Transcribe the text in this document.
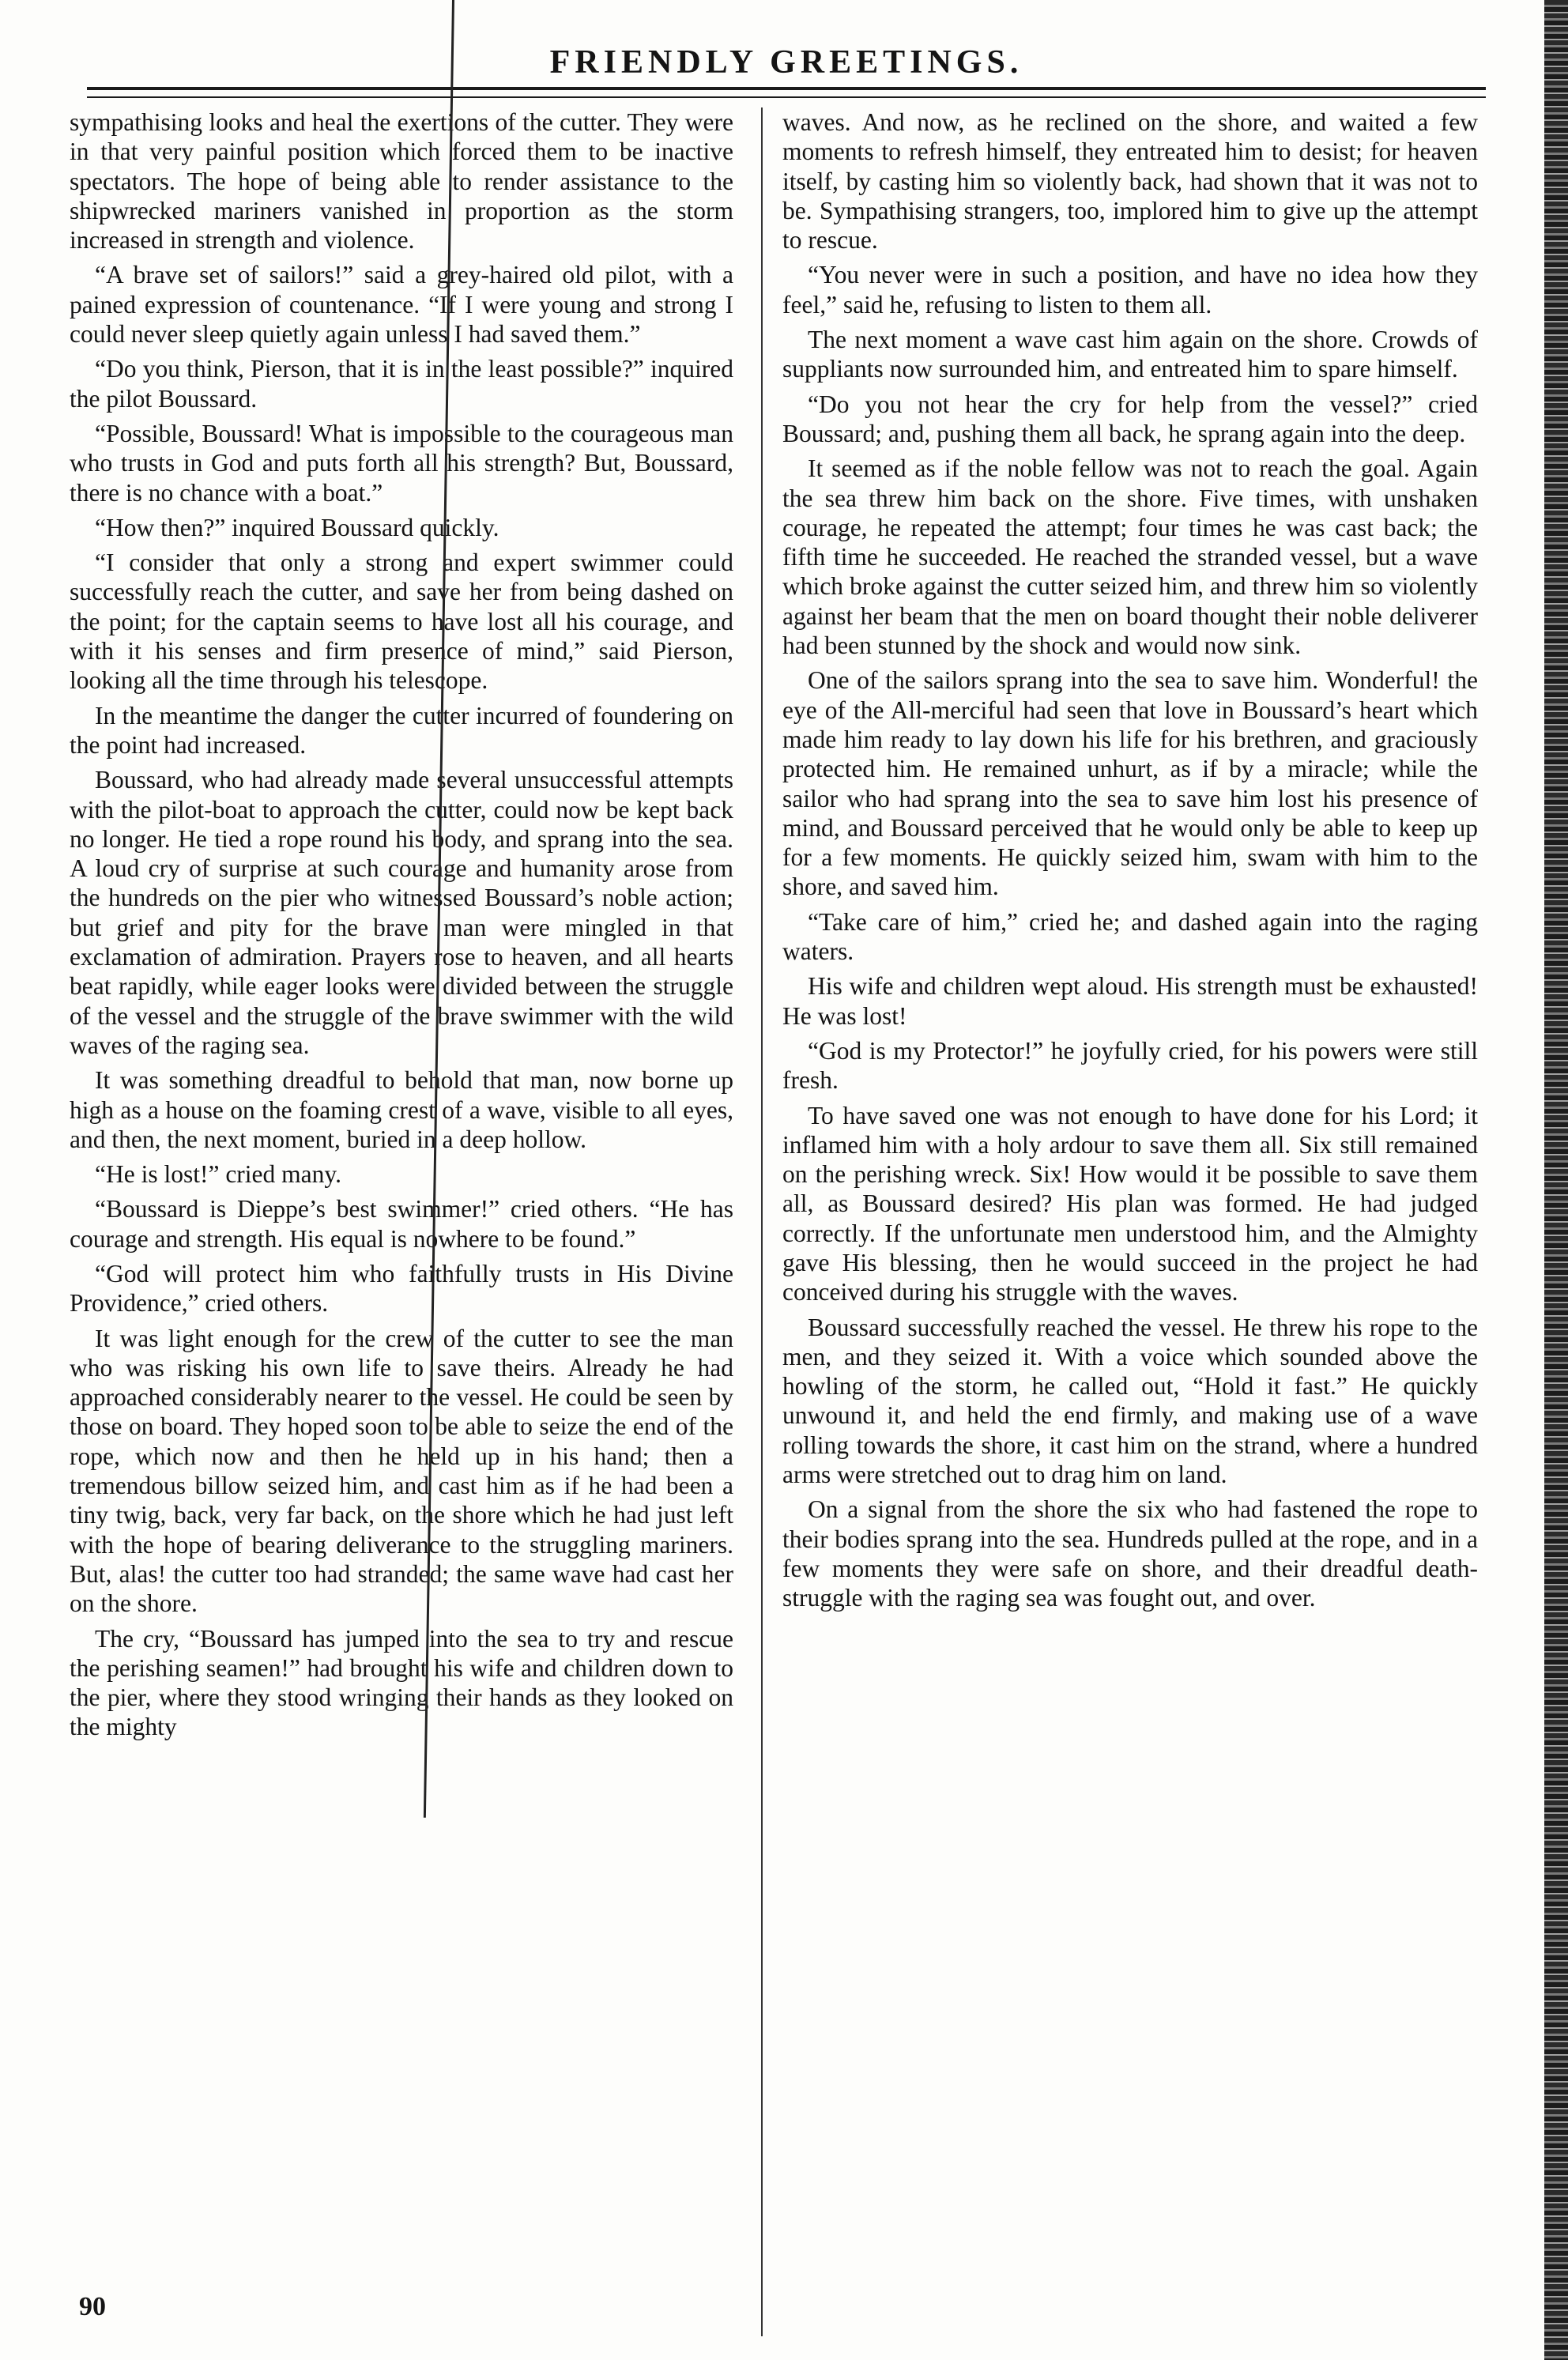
FRIENDLY GREETINGS.

sympathising looks and heal the exertions of the cutter. They were in that very painful position which forced them to be inactive spectators. The hope of being able to render assistance to the shipwrecked mariners vanished in proportion as the storm increased in strength and violence.

“A brave set of sailors!” said a grey-haired old pilot, with a pained expression of countenance. “If I were young and strong I could never sleep quietly again unless I had saved them.”

“Do you think, Pierson, that it is in the least possible?” inquired the pilot Boussard.

“Possible, Boussard! What is impossible to the courageous man who trusts in God and puts forth all his strength? But, Boussard, there is no chance with a boat.”

“How then?” inquired Boussard quickly.

“I consider that only a strong and expert swimmer could successfully reach the cutter, and save her from being dashed on the point; for the captain seems to have lost all his courage, and with it his senses and firm presence of mind,” said Pierson, looking all the time through his telescope.

In the meantime the danger the cutter incurred of foundering on the point had increased.

Boussard, who had already made several unsuccessful attempts with the pilot-boat to approach the cutter, could now be kept back no longer. He tied a rope round his body, and sprang into the sea. A loud cry of surprise at such courage and humanity arose from the hundreds on the pier who witnessed Boussard’s noble action; but grief and pity for the brave man were mingled in that exclamation of admiration. Prayers rose to heaven, and all hearts beat rapidly, while eager looks were divided between the struggle of the vessel and the struggle of the brave swimmer with the wild waves of the raging sea.

It was something dreadful to behold that man, now borne up high as a house on the foaming crest of a wave, visible to all eyes, and then, the next moment, buried in a deep hollow.

“He is lost!” cried many.

“Boussard is Dieppe’s best swimmer!” cried others. “He has courage and strength. His equal is nowhere to be found.”

“God will protect him who faithfully trusts in His Divine Providence,” cried others.

It was light enough for the crew of the cutter to see the man who was risking his own life to save theirs. Already he had approached considerably nearer to the vessel. He could be seen by those on board. They hoped soon to be able to seize the end of the rope, which now and then he held up in his hand; then a tremendous billow seized him, and cast him as if he had been a tiny twig, back, very far back, on the shore which he had just left with the hope of bearing deliverance to the struggling mariners. But, alas! the cutter too had stranded; the same wave had cast her on the shore.

The cry, “Boussard has jumped into the sea to try and rescue the perishing seamen!” had brought his wife and children down to the pier, where they stood wringing their hands as they looked on the mighty

waves. And now, as he reclined on the shore, and waited a few moments to refresh himself, they entreated him to desist; for heaven itself, by casting him so violently back, had shown that it was not to be. Sympathising strangers, too, implored him to give up the attempt to rescue.

“You never were in such a position, and have no idea how they feel,” said he, refusing to listen to them all.

The next moment a wave cast him again on the shore. Crowds of suppliants now surrounded him, and entreated him to spare himself.

“Do you not hear the cry for help from the vessel?” cried Boussard; and, pushing them all back, he sprang again into the deep.

It seemed as if the noble fellow was not to reach the goal. Again the sea threw him back on the shore. Five times, with unshaken courage, he repeated the attempt; four times he was cast back; the fifth time he succeeded. He reached the stranded vessel, but a wave which broke against the cutter seized him, and threw him so violently against her beam that the men on board thought their noble deliverer had been stunned by the shock and would now sink.

One of the sailors sprang into the sea to save him. Wonderful! the eye of the All-merciful had seen that love in Boussard’s heart which made him ready to lay down his life for his brethren, and graciously protected him. He remained unhurt, as if by a miracle; while the sailor who had sprang into the sea to save him lost his presence of mind, and Boussard perceived that he would only be able to keep up for a few moments. He quickly seized him, swam with him to the shore, and saved him.

“Take care of him,” cried he; and dashed again into the raging waters.

His wife and children wept aloud. His strength must be exhausted! He was lost!

“God is my Protector!” he joyfully cried, for his powers were still fresh.

To have saved one was not enough to have done for his Lord; it inflamed him with a holy ardour to save them all. Six still remained on the perishing wreck. Six! How would it be possible to save them all, as Boussard desired? His plan was formed. He had judged correctly. If the unfortunate men understood him, and the Almighty gave His blessing, then he would succeed in the project he had conceived during his struggle with the waves.

Boussard successfully reached the vessel. He threw his rope to the men, and they seized it. With a voice which sounded above the howling of the storm, he called out, “Hold it fast.” He quickly unwound it, and held the end firmly, and making use of a wave rolling towards the shore, it cast him on the strand, where a hundred arms were stretched out to drag him on land.

On a signal from the shore the six who had fastened the rope to their bodies sprang into the sea. Hundreds pulled at the rope, and in a few moments they were safe on shore, and their dreadful death-struggle with the raging sea was fought out, and over.

90
